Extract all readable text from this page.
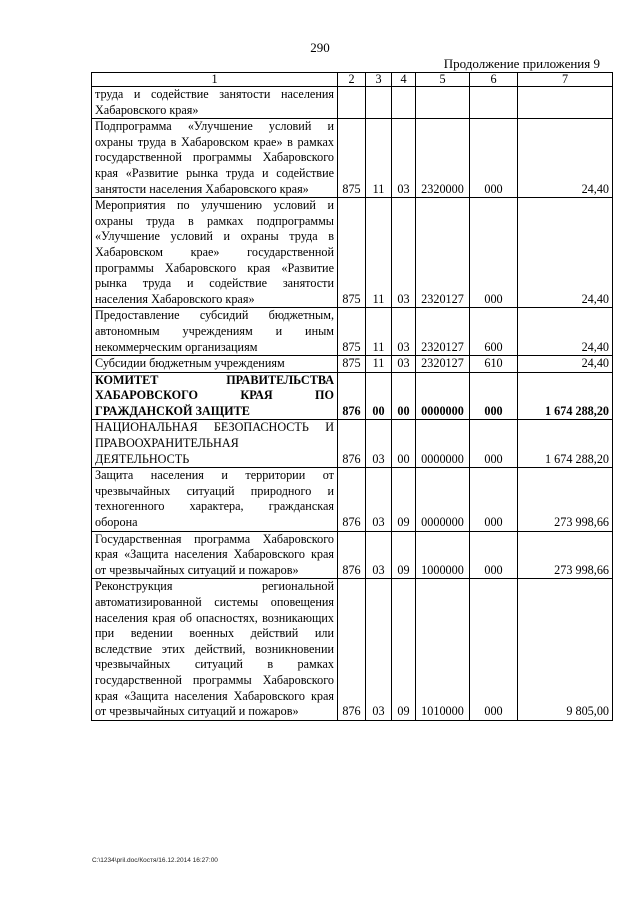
290
Продолжение приложения 9
1	2	3	4	5	6	7
труда и содействие занятости населения Хабаровского края»						
Подпрограмма «Улучшение условий и охраны труда в Хабаровском крае» в рамках государственной программы Хабаровского края «Развитие рынка труда и содействие занятости населения Хабаровского края»	875	11	03	2320000	000	24,40
Мероприятия по улучшению условий и охраны труда в рамках подпрограммы «Улучшение условий и охраны труда в Хабаровском крае» государственной программы Хабаровского края «Развитие рынка труда и содействие занятости населения Хабаровского края»	875	11	03	2320127	000	24,40
Предоставление субсидий бюджетным, автономным учреждениям и иным некоммерческим организациям	875	11	03	2320127	600	24,40
Субсидии бюджетным учреждениям	875	11	03	2320127	610	24,40
КОМИТЕТ ПРАВИТЕЛЬСТВА ХАБАРОВСКОГО КРАЯ ПО ГРАЖДАНСКОЙ ЗАЩИТЕ	876	00	00	0000000	000	1 674 288,20
НАЦИОНАЛЬНАЯ БЕЗОПАСНОСТЬ И ПРАВООХРАНИТЕЛЬНАЯ ДЕЯТЕЛЬНОСТЬ	876	03	00	0000000	000	1 674 288,20
Защита населения и территории от чрезвычайных ситуаций природного и техногенного характера, гражданская оборона	876	03	09	0000000	000	273 998,66
Государственная программа Хабаровского края «Защита населения Хабаровского края от чрезвычайных ситуаций и пожаров»	876	03	09	1000000	000	273 998,66
Реконструкция региональной автоматизированной системы оповещения населения края об опасностях, возникающих при ведении военных действий или вследствие этих действий, возникновении чрезвычайных ситуаций в рамках государственной программы Хабаровского края «Защита населения Хабаровского края от чрезвычайных ситуаций и пожаров»	876	03	09	1010000	000	9 805,00
C:\1234\pril.doc/Костя/16.12.2014 16:27:00
